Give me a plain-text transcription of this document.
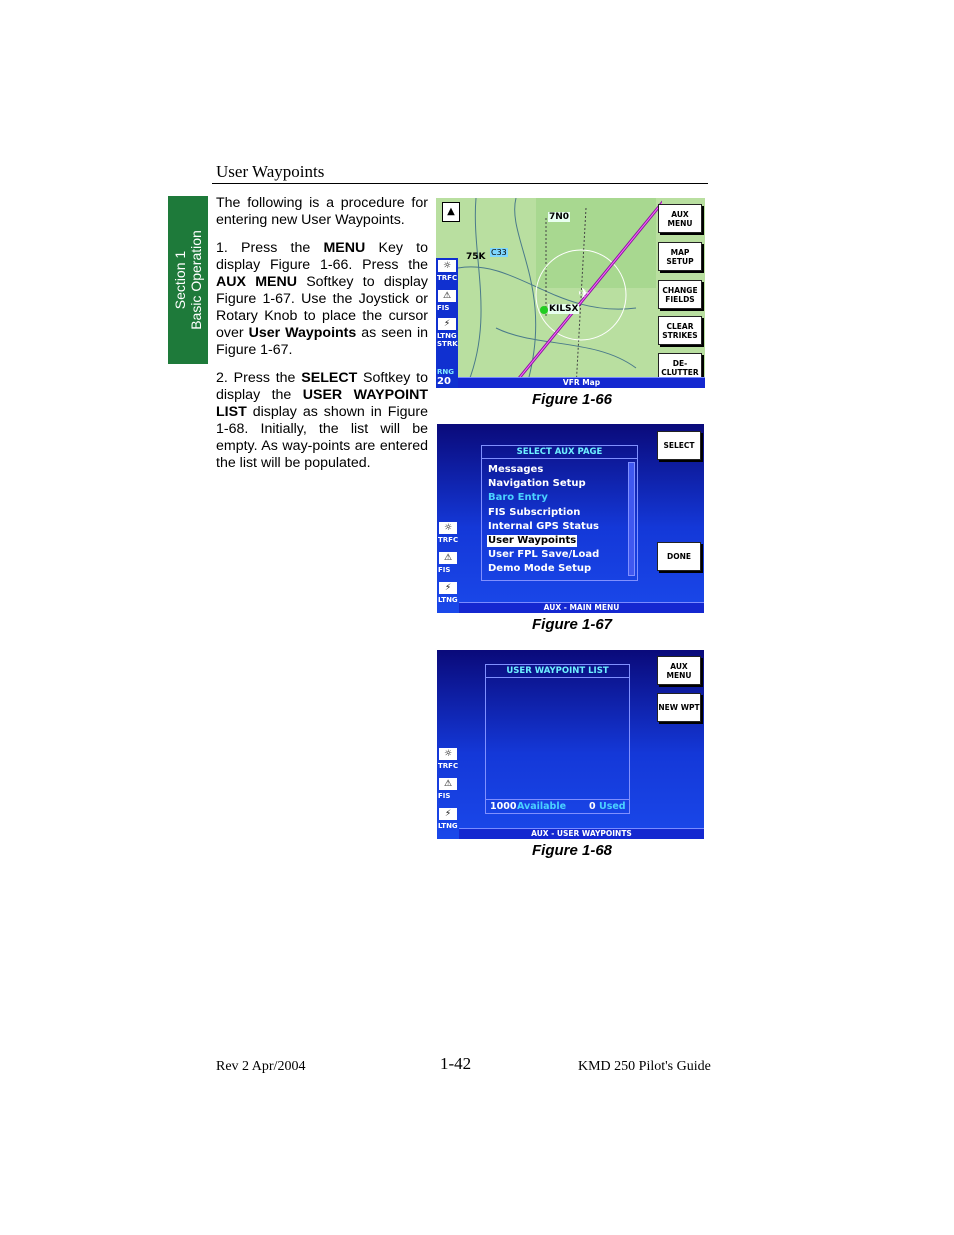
User Waypoints
Section 1 Basic Operation

The following is a procedure for entering new User Waypoints.

1. Press the MENU Key to display Figure 1-66. Press the AUX MENU Softkey to display Figure 1-67. Use the Joystick or Rotary Knob to place the cursor over User Waypoints as seen in Figure 1-67.

2. Press the SELECT Softkey to display the USER WAYPOINT LIST display as shown in Figure 1-68. Initially, the list will be empty. As way-points are entered the list will be populated.

✈
7N0
75K C33
KILSX
▲
☼
TRFC
⚠
FIS
⚡
LTNG STRK
RNG
20
AUX MENU
MAP SETUP
CHANGE FIELDS
CLEAR STRIKES
DE-CLUTTER
VFR Map
Figure 1-66
SELECT AUX PAGE
Messages
Navigation Setup
Baro Entry
FIS Subscription
Internal GPS Status
User Waypoints
User FPL Save/Load
Demo Mode Setup
☼
TRFC
⚠
FIS
⚡
LTNG
SELECT
DONE
AUX - MAIN MENU
Figure 1-67
USER WAYPOINT LIST
1000 Available 0 Used
☼
TRFC
⚠
FIS
⚡
LTNG
AUX MENU
NEW WPT
AUX - USER WAYPOINTS
Figure 1-68
Rev 2 Apr/2004	1-42	KMD 250 Pilot's Guide
